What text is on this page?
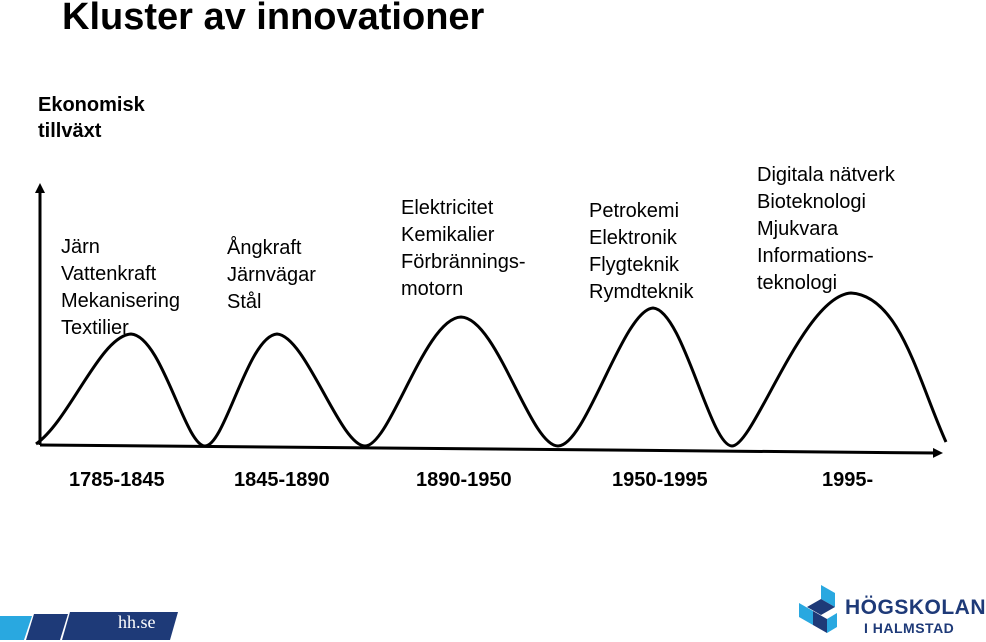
Kluster av innovationer
Ekonomisk
tillväxt
Järn
Vattenkraft
Mekanisering
Textilier
Ångkraft
Järnvägar
Stål
Elektricitet
Kemikalier
Förbrännings-
motorn
Petrokemi
Elektronik
Flygteknik
Rymdteknik
Digitala nätverk
Bioteknologi
Mjukvara
Informations-
teknologi
1785-1845	1845-1890	1890-1950	1950-1995	1995-
hh.se
HÖGSKOLAN
I HALMSTAD
